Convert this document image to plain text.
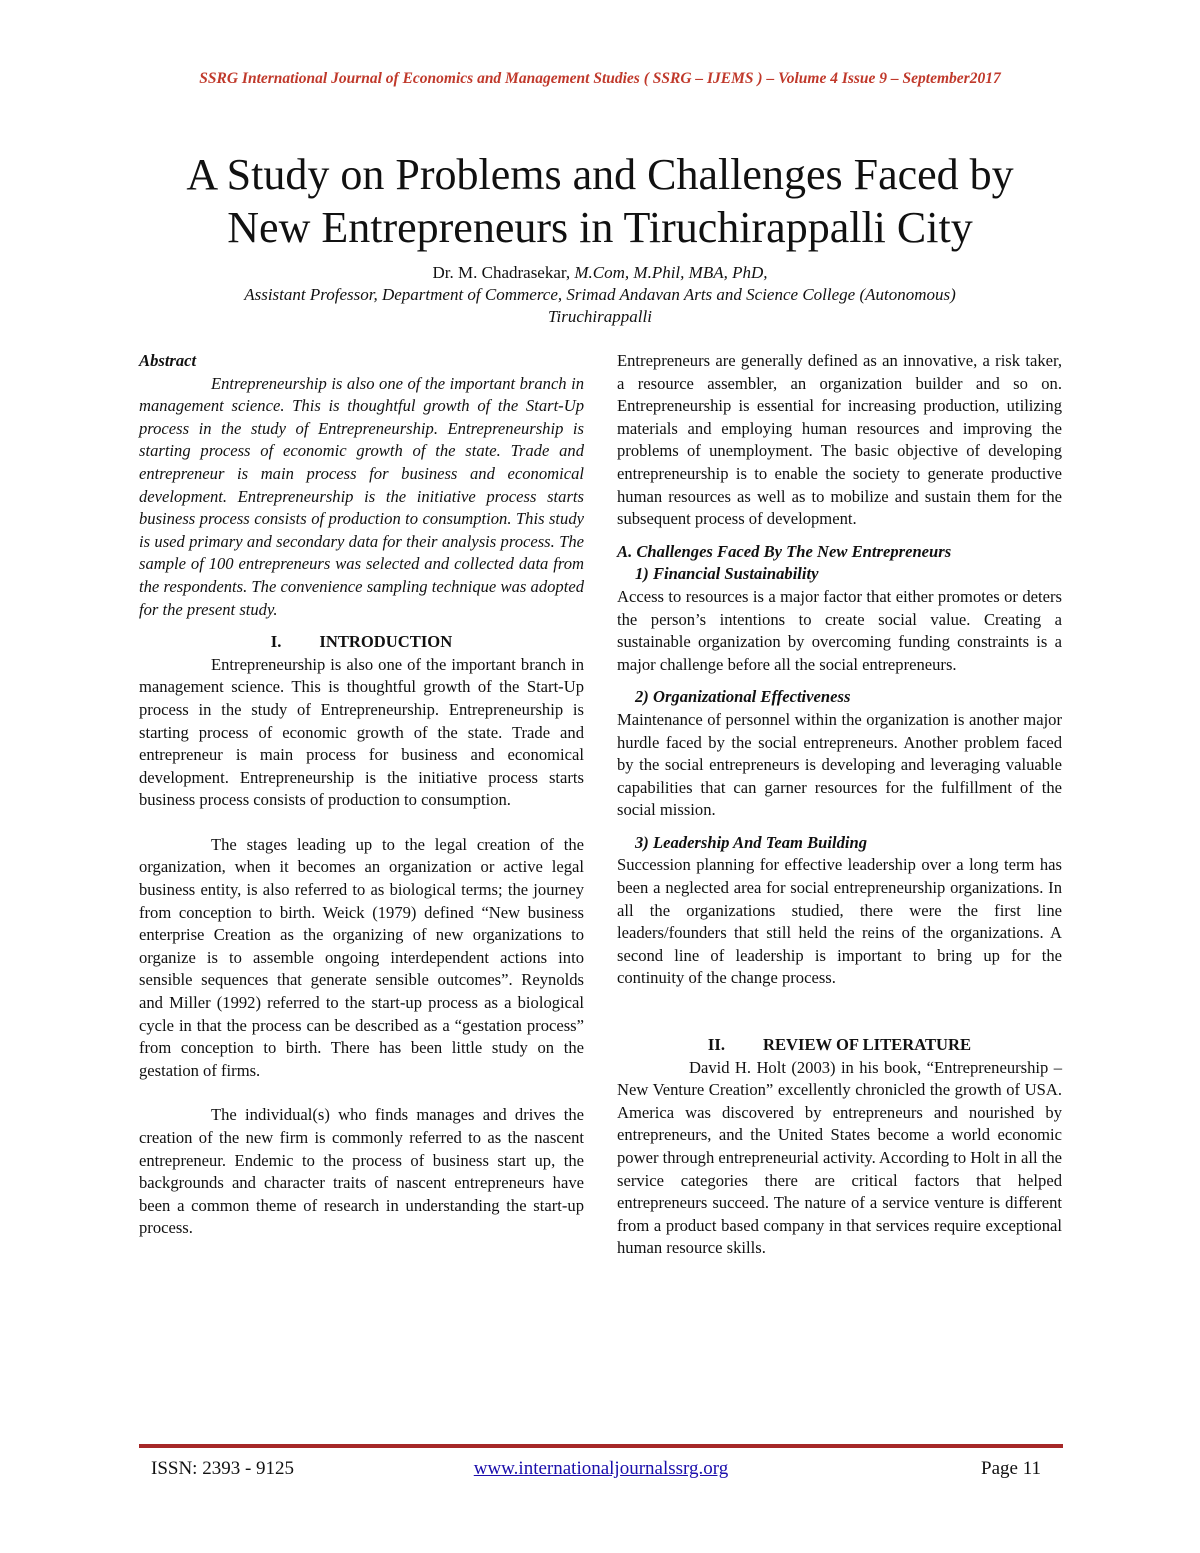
SSRG International Journal of Economics and Management Studies ( SSRG – IJEMS ) – Volume 4 Issue 9 – September2017
A Study on Problems and Challenges Faced by
New Entrepreneurs in Tiruchirappalli City
Dr. M. Chadrasekar, M.Com, M.Phil, MBA, PhD,
Assistant Professor, Department of Commerce, Srimad Andavan Arts and Science College (Autonomous)
Tiruchirappalli
Abstract

Entrepreneurship is also one of the important branch in management science. This is thoughtful growth of the Start-Up process in the study of Entrepreneurship. Entrepreneurship is starting process of economic growth of the state. Trade and entrepreneur is main process for business and economical development. Entrepreneurship is the initiative process starts business process consists of production to consumption. This study is used primary and secondary data for their analysis process. The sample of 100 entrepreneurs was selected and collected data from the respondents. The convenience sampling technique was adopted for the present study.

I. INTRODUCTION

Entrepreneurship is also one of the important branch in management science. This is thoughtful growth of the Start-Up process in the study of Entrepreneurship. Entrepreneurship is starting process of economic growth of the state. Trade and entrepreneur is main process for business and economical development. Entrepreneurship is the initiative process starts business process consists of production to consumption.

The stages leading up to the legal creation of the organization, when it becomes an organization or active legal business entity, is also referred to as biological terms; the journey from conception to birth. Weick (1979) defined “New business enterprise Creation as the organizing of new organizations to organize is to assemble ongoing interdependent actions into sensible sequences that generate sensible outcomes”. Reynolds and Miller (1992) referred to the start-up process as a biological cycle in that the process can be described as a “gestation process” from conception to birth. There has been little study on the gestation of firms.

The individual(s) who finds manages and drives the creation of the new firm is commonly referred to as the nascent entrepreneur. Endemic to the process of business start up, the backgrounds and character traits of nascent entrepreneurs have been a common theme of research in understanding the start-up process.

Entrepreneurs are generally defined as an innovative, a risk taker, a resource assembler, an organization builder and so on. Entrepreneurship is essential for increasing production, utilizing materials and employing human resources and improving the problems of unemployment. The basic objective of developing entrepreneurship is to enable the society to generate productive human resources as well as to mobilize and sustain them for the subsequent process of development.

A. Challenges Faced By The New Entrepreneurs
1) Financial Sustainability

Access to resources is a major factor that either promotes or deters the person’s intentions to create social value. Creating a sustainable organization by overcoming funding constraints is a major challenge before all the social entrepreneurs.

2) Organizational Effectiveness

Maintenance of personnel within the organization is another major hurdle faced by the social entrepreneurs. Another problem faced by the social entrepreneurs is developing and leveraging valuable capabilities that can garner resources for the fulfillment of the social mission.

3) Leadership And Team Building

Succession planning for effective leadership over a long term has been a neglected area for social entrepreneurship organizations. In all the organizations studied, there were the first line leaders/founders that still held the reins of the organizations. A second line of leadership is important to bring up for the continuity of the change process.

II. REVIEW OF LITERATURE

David H. Holt (2003) in his book, “Entrepreneurship – New Venture Creation” excellently chronicled the growth of USA. America was discovered by entrepreneurs and nourished by entrepreneurs, and the United States become a world economic power through entrepreneurial activity. According to Holt in all the service categories there are critical factors that helped entrepreneurs succeed. The nature of a service venture is different from a product based company in that services require exceptional human resource skills.

ISSN: 2393 - 9125	www.internationaljournalssrg.org	Page 11
